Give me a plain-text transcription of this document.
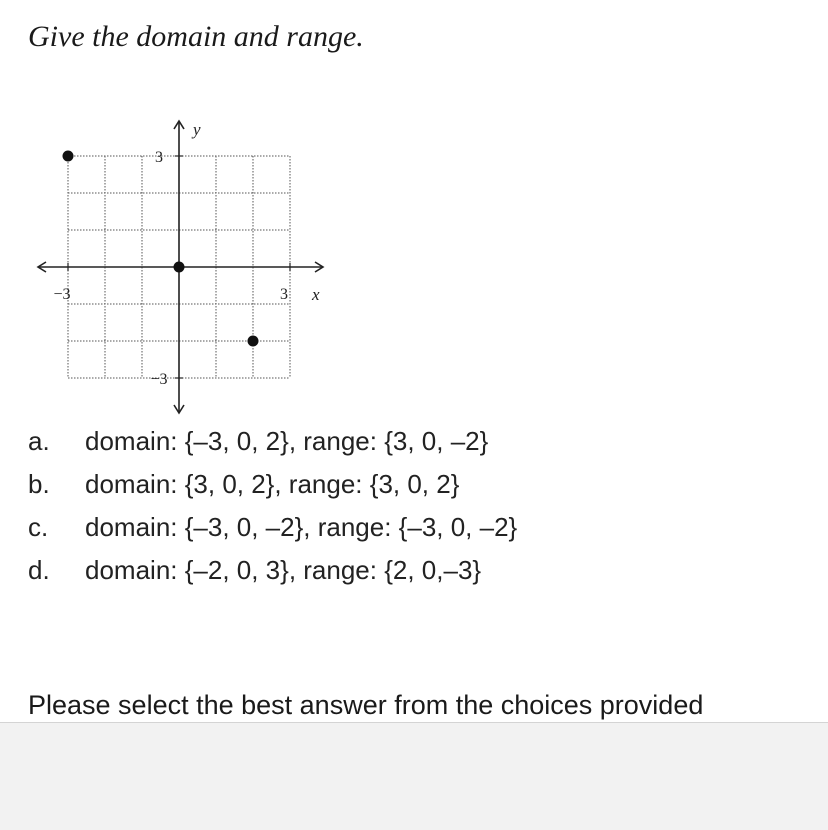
Give the domain and range.
−3	3
3
−3
x
y
a.	domain: {–3, 0, 2}, range: {3, 0, –2}
b.	domain: {3, 0, 2}, range: {3, 0, 2}
c.	domain: {–3, 0, –2}, range: {–3, 0, –2}
d.	domain: {–2, 0, 3}, range: {2, 0,–3}

Please select the best answer from the choices provided
